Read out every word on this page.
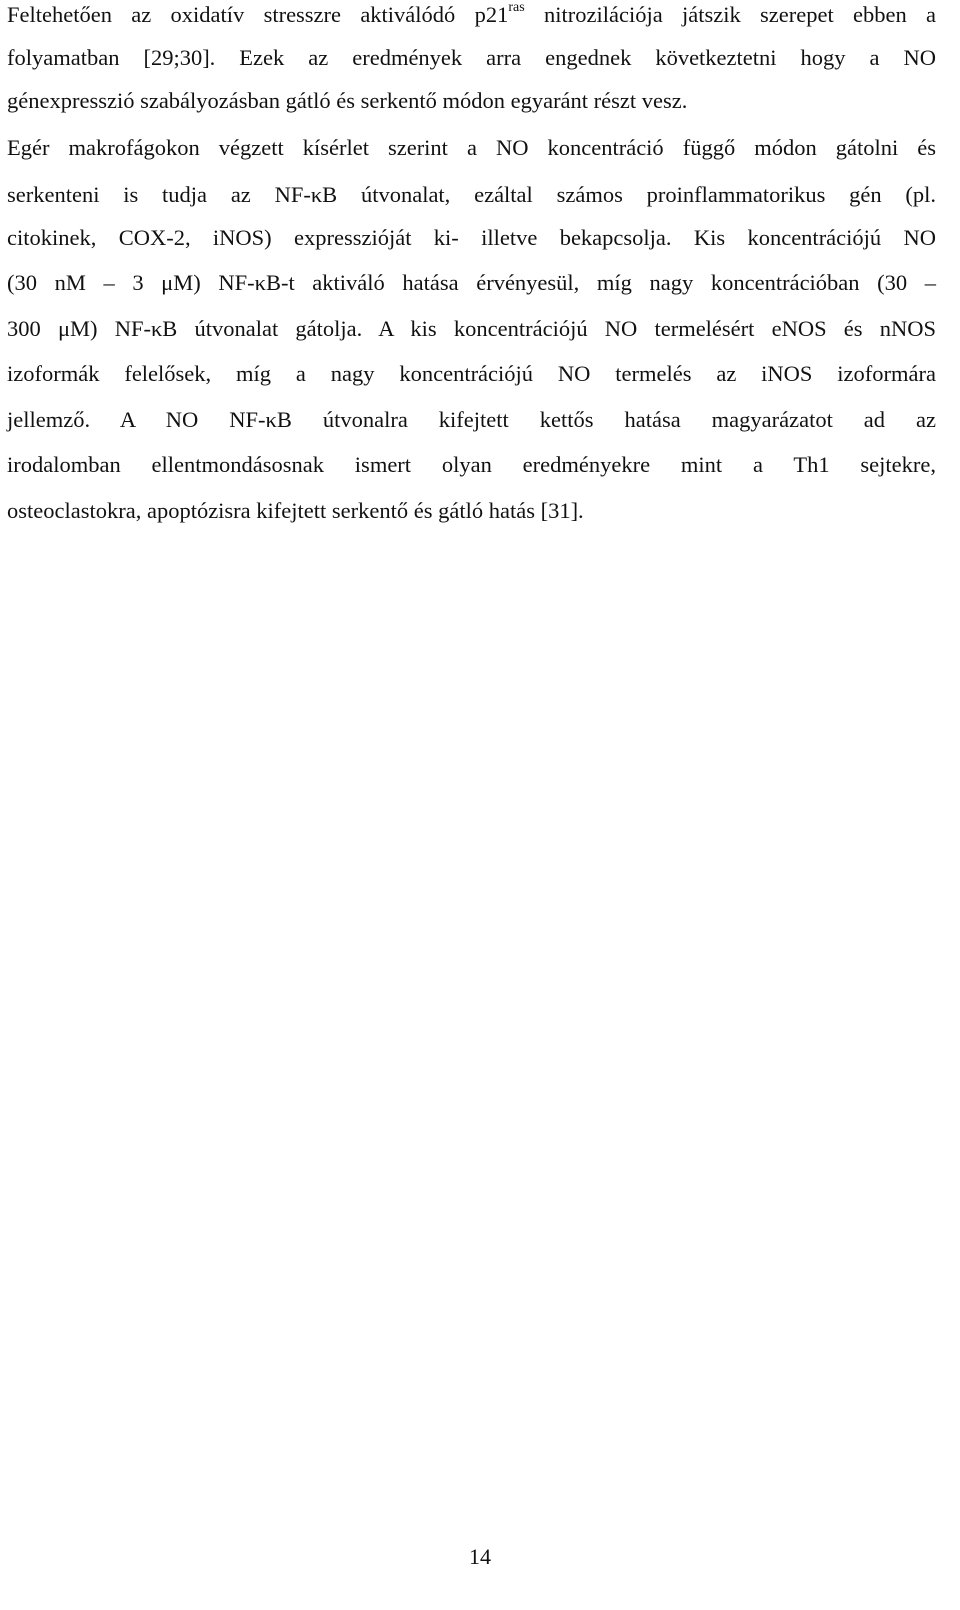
Feltehetően az oxidatív stresszre aktiválódó $p21^{ras}$ nitrozilációja játszik szerepet ebben a
folyamatban [29;30]. Ezek az eredmények arra engednek következtetni hogy a NO
génexpresszió szabályozásban gátló és serkentő módon egyaránt részt vesz.
Egér makrofágokon végzett kísérlet szerint a NO koncentráció függő módon gátolni és
serkenteni is tudja az NF-κB útvonalat, ezáltal számos proinflammatorikus gén (pl.
citokinek, COX-2, iNOS) expresszióját ki- illetve bekapcsolja. Kis koncentrációjú NO
(30 nM – 3 μM) NF-κB-t aktiváló hatása érvényesül, míg nagy koncentrációban (30 –
300 μM) NF-κB útvonalat gátolja. A kis koncentrációjú NO termelésért eNOS és nNOS
izoformák felelősek, míg a nagy koncentrációjú NO termelés az iNOS izoformára
jellemző. A NO NF-κB útvonalra kifejtett kettős hatása magyarázatot ad az
irodalomban ellentmondásosnak ismert olyan eredményekre mint a Th1 sejtekre,
osteoclastokra, apoptózisra kifejtett serkentő és gátló hatás [31].
14
